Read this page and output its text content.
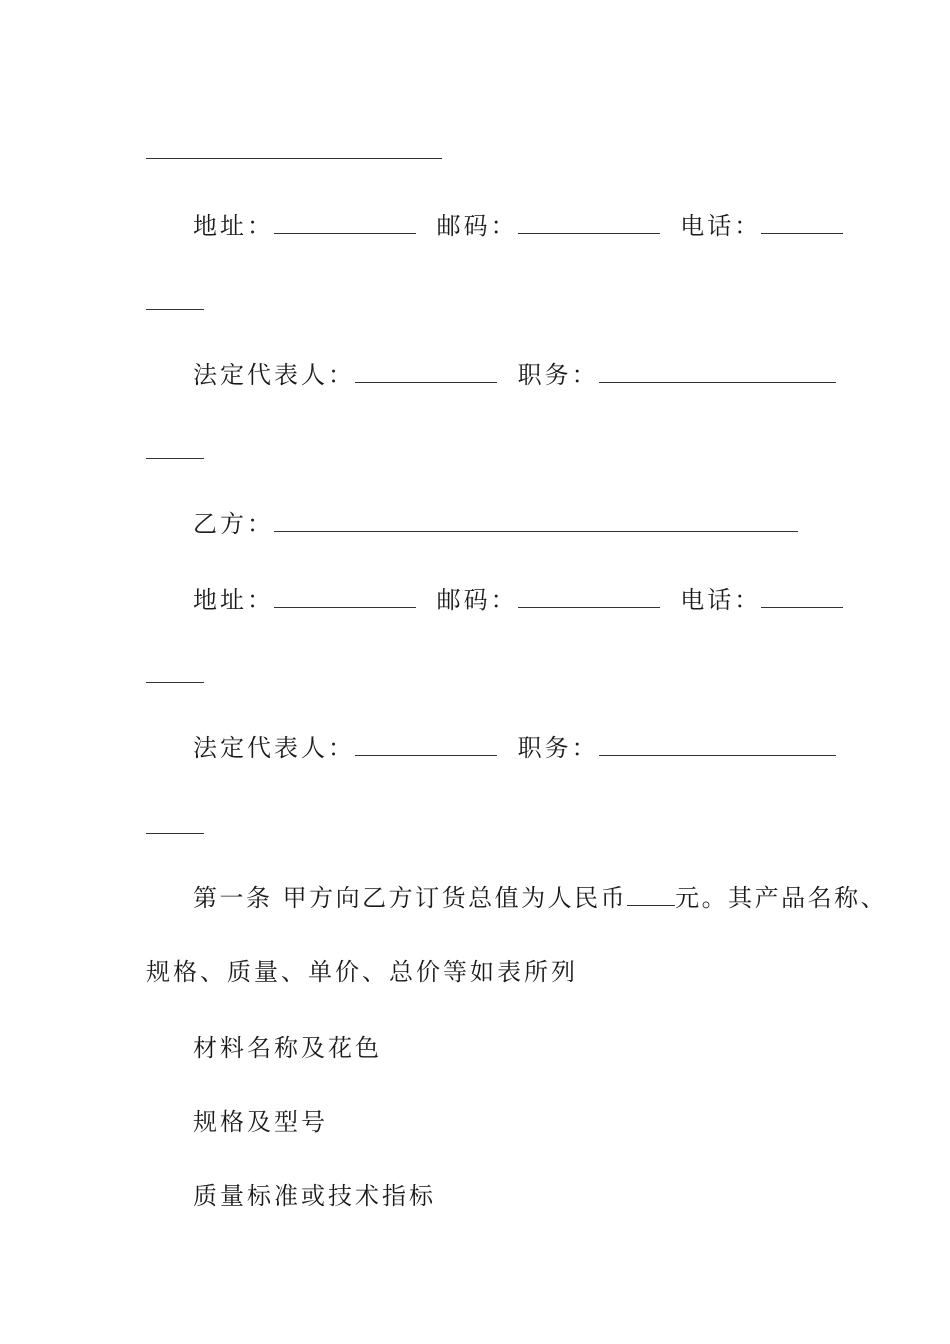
地址：	邮码：	电话：
法定代表人：	职务：
乙方：
地址：	邮码：	电话：
法定代表人：	职务：
第一条 甲方向乙方订货总值为人民币 元。其产品名称、
规格、质量、单价、总价等如表所列
材料名称及花色
规格及型号
质量标准或技术指标
